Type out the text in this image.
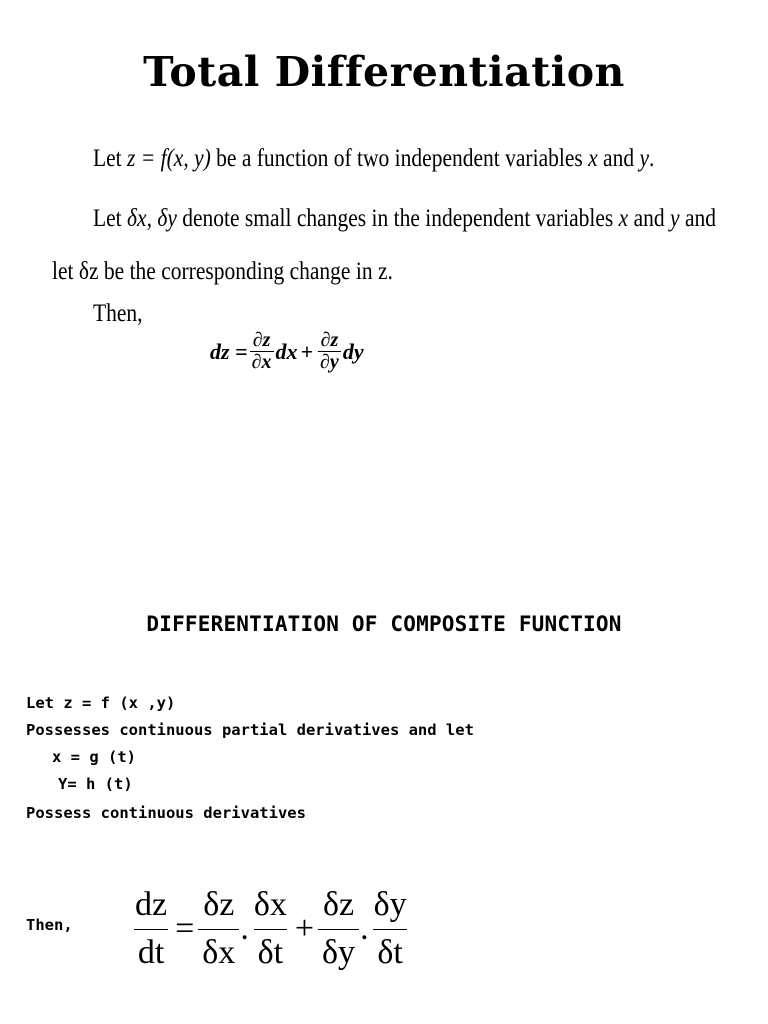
Total Differentiation
Let z = f(x, y) be a function of two independent variables x and y.
Let δx, δy denote small changes in the independent variables x and y and
let δz be the corresponding change in z.
Then,
dz = $\frac{\partial z}{\partial x}$ dx + $\frac{\partial z}{\partial y}$ dy
DIFFERENTIATION OF COMPOSITE FUNCTION
Let z = f (x ,y)
Possesses continuous partial derivatives and let
x = g (t)
Y= h (t)
Possess continuous derivatives
Then, $\frac{dz}{dt} = \frac{\delta z}{\delta x}$ . $\frac{\delta x}{\delta t} + \frac{\delta z}{\delta y}$ . $\frac{\delta y}{\delta t}$
